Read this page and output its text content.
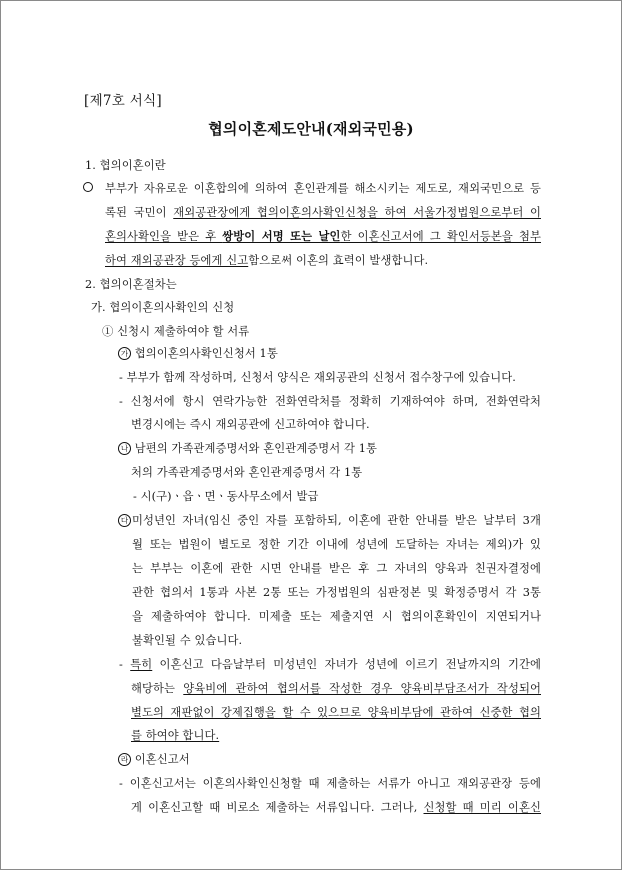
[제7호 서식]
협의이혼제도안내(재외국민용)
1. 협의이혼이란
부부가 자유로운 이혼합의에 의하여 혼인관계를 해소시키는 제도로, 재외국민으로 등
록된 국민이 재외공관장에게 협의이혼의사확인신청을 하여 서울가정법원으로부터 이
혼의사확인을 받은 후 쌍방이 서명 또는 날인한 이혼신고서에 그 확인서등본을 첨부
하여 재외공관장 등에게 신고함으로써 이혼의 효력이 발생합니다.
2. 협의이혼절차는
가. 협의이혼의사확인의 신청
① 신청시 제출하여야 할 서류
가 협의이혼의사확인신청서 1통
- 부부가 함께 작성하며, 신청서 양식은 재외공관의 신청서 접수창구에 있습니다.
- 신청서에 항시 연락가능한 전화연락처를 정확히 기재하여야 하며, 전화연락처
변경시에는 즉시 재외공관에 신고하여야 합니다.
나 남편의 가족관계증명서와 혼인관계증명서 각 1통
처의 가족관계증명서와 혼인관계증명서 각 1통
- 시(구)ㆍ읍ㆍ면ㆍ동사무소에서 발급
다 미성년인 자녀(임신 중인 자를 포함하되, 이혼에 관한 안내를 받은 날부터 3개
월 또는 법원이 별도로 정한 기간 이내에 성년에 도달하는 자녀는 제외)가 있
는 부부는 이혼에 관한 시면 안내를 받은 후 그 자녀의 양육과 친권자결정에
관한 협의서 1통과 사본 2통 또는 가정법원의 심판정본 및 확정증명서 각 3통
을 제출하여야 합니다. 미제출 또는 제출지연 시 협의이혼확인이 지연되거나
불확인될 수 있습니다.
- 특히 이혼신고 다음날부터 미성년인 자녀가 성년에 이르기 전날까지의 기간에
해당하는 양육비에 관하여 협의서를 작성한 경우 양육비부담조서가 작성되어
별도의 재판없이 강제집행을 할 수 있으므로 양육비부담에 관하여 신중한 협의
를 하여야 합니다.
라 이혼신고서
- 이혼신고서는 이혼의사확인신청할 때 제출하는 서류가 아니고 재외공관장 등에
게 이혼신고할 때 비로소 제출하는 서류입니다. 그러나, 신청할 때 미리 이혼신
